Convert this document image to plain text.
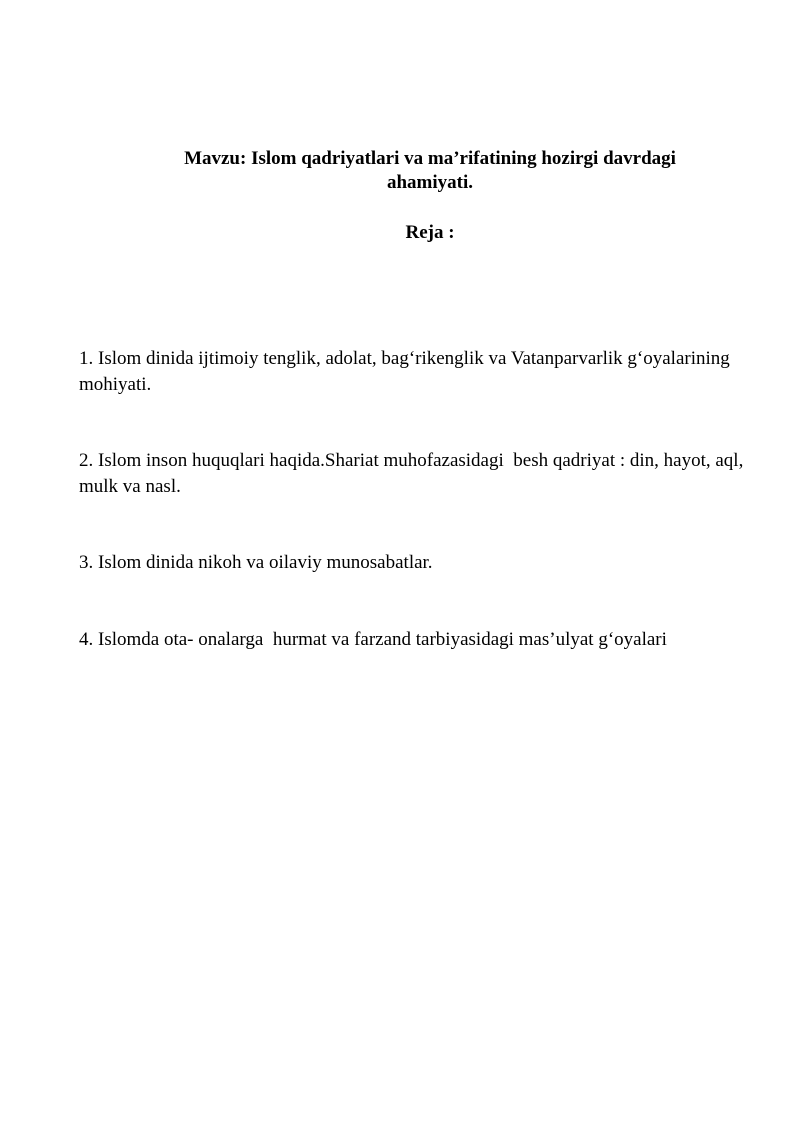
Mavzu: Islom qadriyatlari va ma’rifatining hozirgi davrdagi
ahamiyati.
Reja :

1. Islom dinida ijtimoiy tenglik, adolat, bag‘rikenglik va Vatanparvarlik g‘oyalarining mohiyati.

2. Islom inson huquqlari haqida.Shariat muhofazasidagi  besh qadriyat : din, hayot, aql, mulk va nasl.

3. Islom dinida nikoh va oilaviy munosabatlar.

4. Islomda ota- onalarga  hurmat va farzand tarbiyasidagi mas’ulyat g‘oyalari
